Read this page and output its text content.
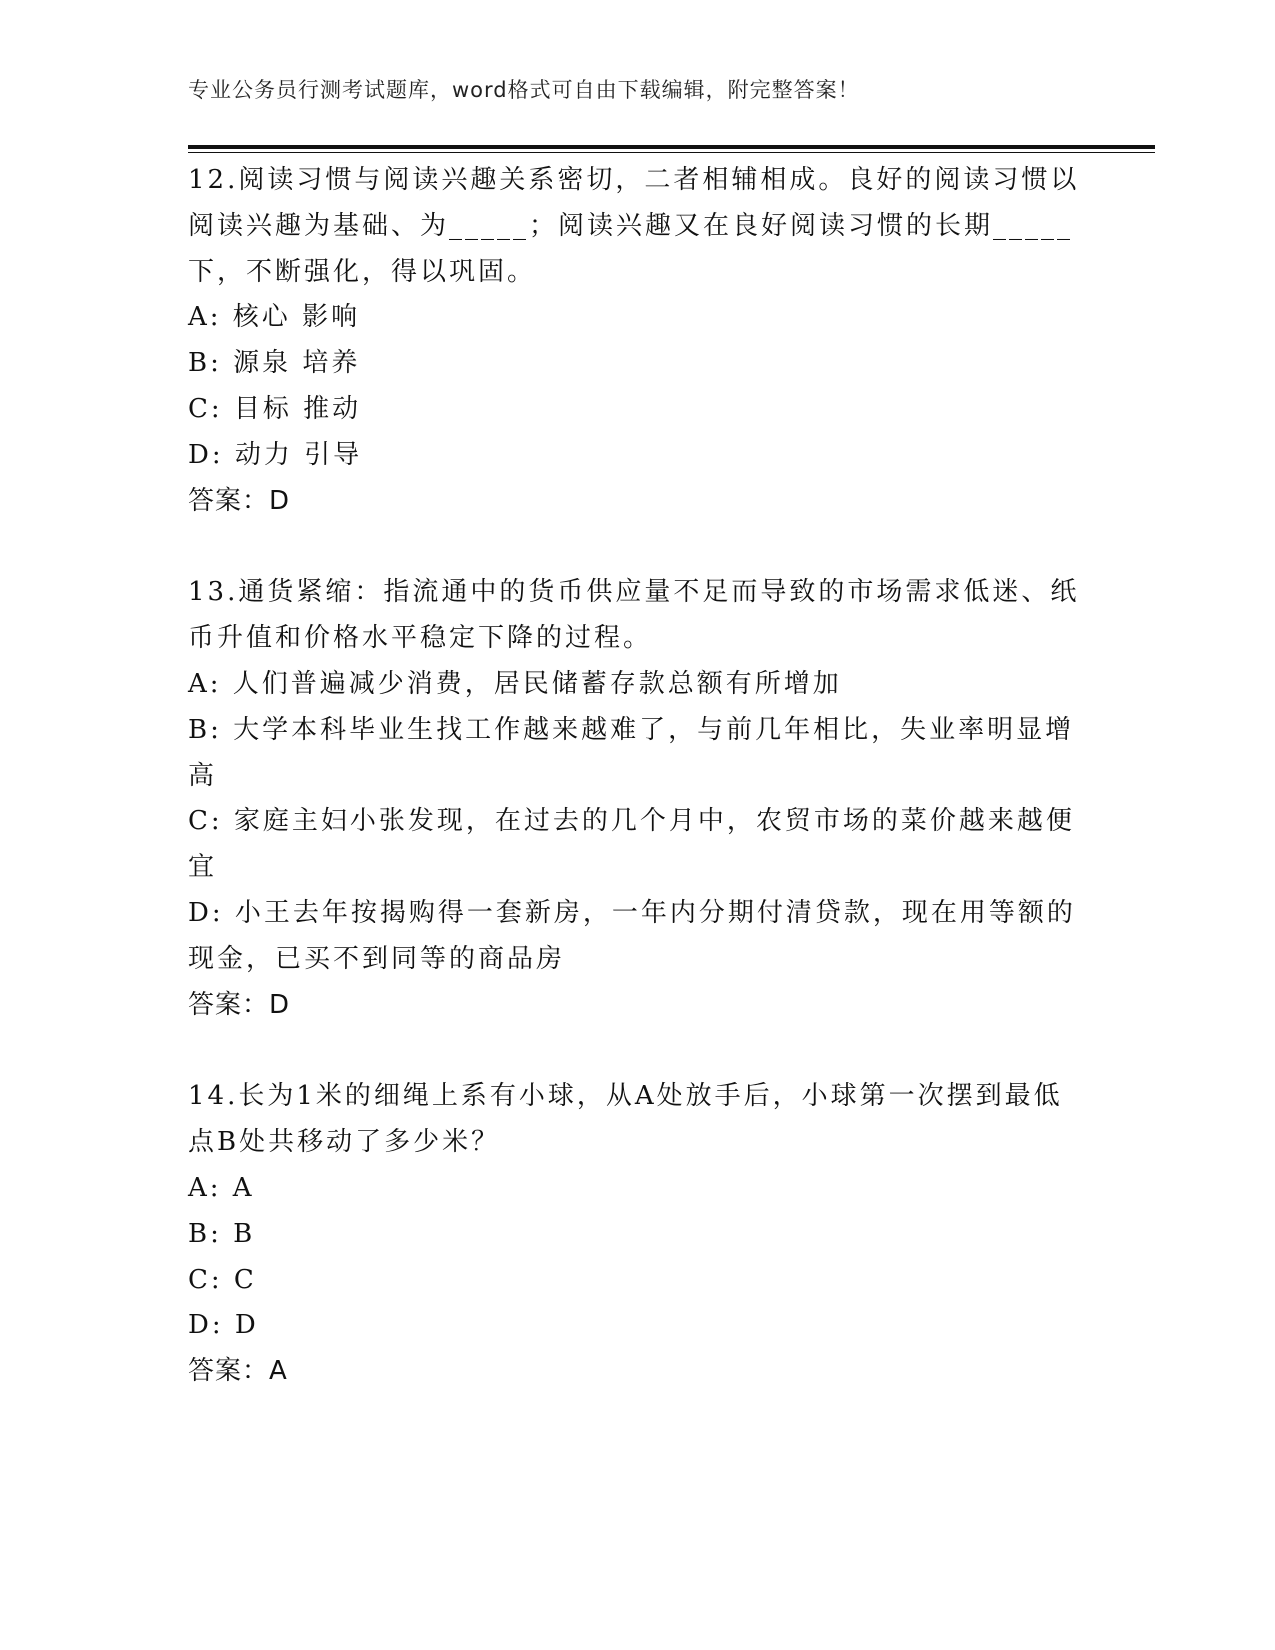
专业公务员行测考试题库，word格式可自由下载编辑，附完整答案！

12.阅读习惯与阅读兴趣关系密切，二者相辅相成。良好的阅读习惯以

阅读兴趣为基础、为_____；阅读兴趣又在良好阅读习惯的长期_____

下，不断强化，得以巩固。

A: 核心 影响

B: 源泉 培养

C: 目标 推动

D: 动力 引导

答案：D

13.通货紧缩：指流通中的货币供应量不足而导致的市场需求低迷、纸

币升值和价格水平稳定下降的过程。

A: 人们普遍减少消费，居民储蓄存款总额有所增加

B: 大学本科毕业生找工作越来越难了，与前几年相比，失业率明显增
高

C: 家庭主妇小张发现，在过去的几个月中，农贸市场的菜价越来越便
宜

D: 小王去年按揭购得一套新房，一年内分期付清贷款，现在用等额的
现金，已买不到同等的商品房

答案：D

14.长为1米的细绳上系有小球，从A处放手后，小球第一次摆到最低

点B处共移动了多少米？

A: A

B: B

C: C

D: D

答案：A
